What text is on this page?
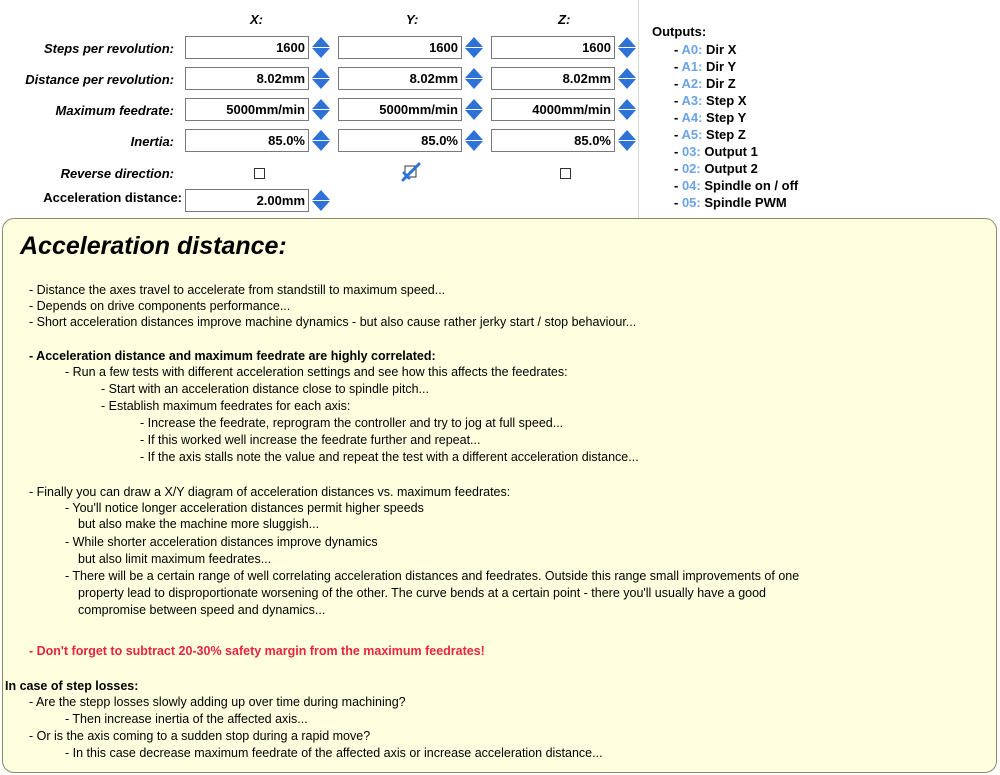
X:	Y:	Z:
Steps per revolution:	1600	1600	1600
Distance per revolution:	8.02mm	8.02mm	8.02mm
Maximum feedrate:	5000mm/min	5000mm/min	4000mm/min
Inertia:	85.0%	85.0%	85.0%
Reverse direction:
Acceleration distance:	2.00mm
Outputs:
- A0: Dir X
- A1: Dir Y
- A2: Dir Z
- A3: Step X
- A4: Step Y
- A5: Step Z
- 03: Output 1
- 02: Output 2
- 04: Spindle on / off
- 05: Spindle PWM
Acceleration distance:
- Distance the axes travel to accelerate from standstill to maximum speed...
- Depends on drive components performance...
- Short acceleration distances improve machine dynamics - but also cause rather jerky start / stop behaviour...
- Acceleration distance and maximum feedrate are highly correlated:
- Run a few tests with different acceleration settings and see how this affects the feedrates:
- Start with an acceleration distance close to spindle pitch...
- Establish maximum feedrates for each axis:
- Increase the feedrate, reprogram the controller and try to jog at full speed...
- If this worked well increase the feedrate further and repeat...
- If the axis stalls note the value and repeat the test with a different acceleration distance...
- Finally you can draw a X/Y diagram of acceleration distances vs. maximum feedrates:
- You'll notice longer acceleration distances permit higher speeds
but also make the machine more sluggish...
- While shorter acceleration distances improve dynamics
but also limit maximum feedrates...
- There will be a certain range of well correlating acceleration distances and feedrates. Outside this range small improvements of one
property lead to disproportionate worsening of the other. The curve bends at a certain point - there you'll usually have a good
compromise between speed and dynamics...
- Don't forget to subtract 20-30% safety margin from the maximum feedrates!
In case of step losses:
- Are the stepp losses slowly adding up over time during machining?
- Then increase inertia of the affected axis...
- Or is the axis coming to a sudden stop during a rapid move?
- In this case decrease maximum feedrate of the affected axis or increase acceleration distance...
